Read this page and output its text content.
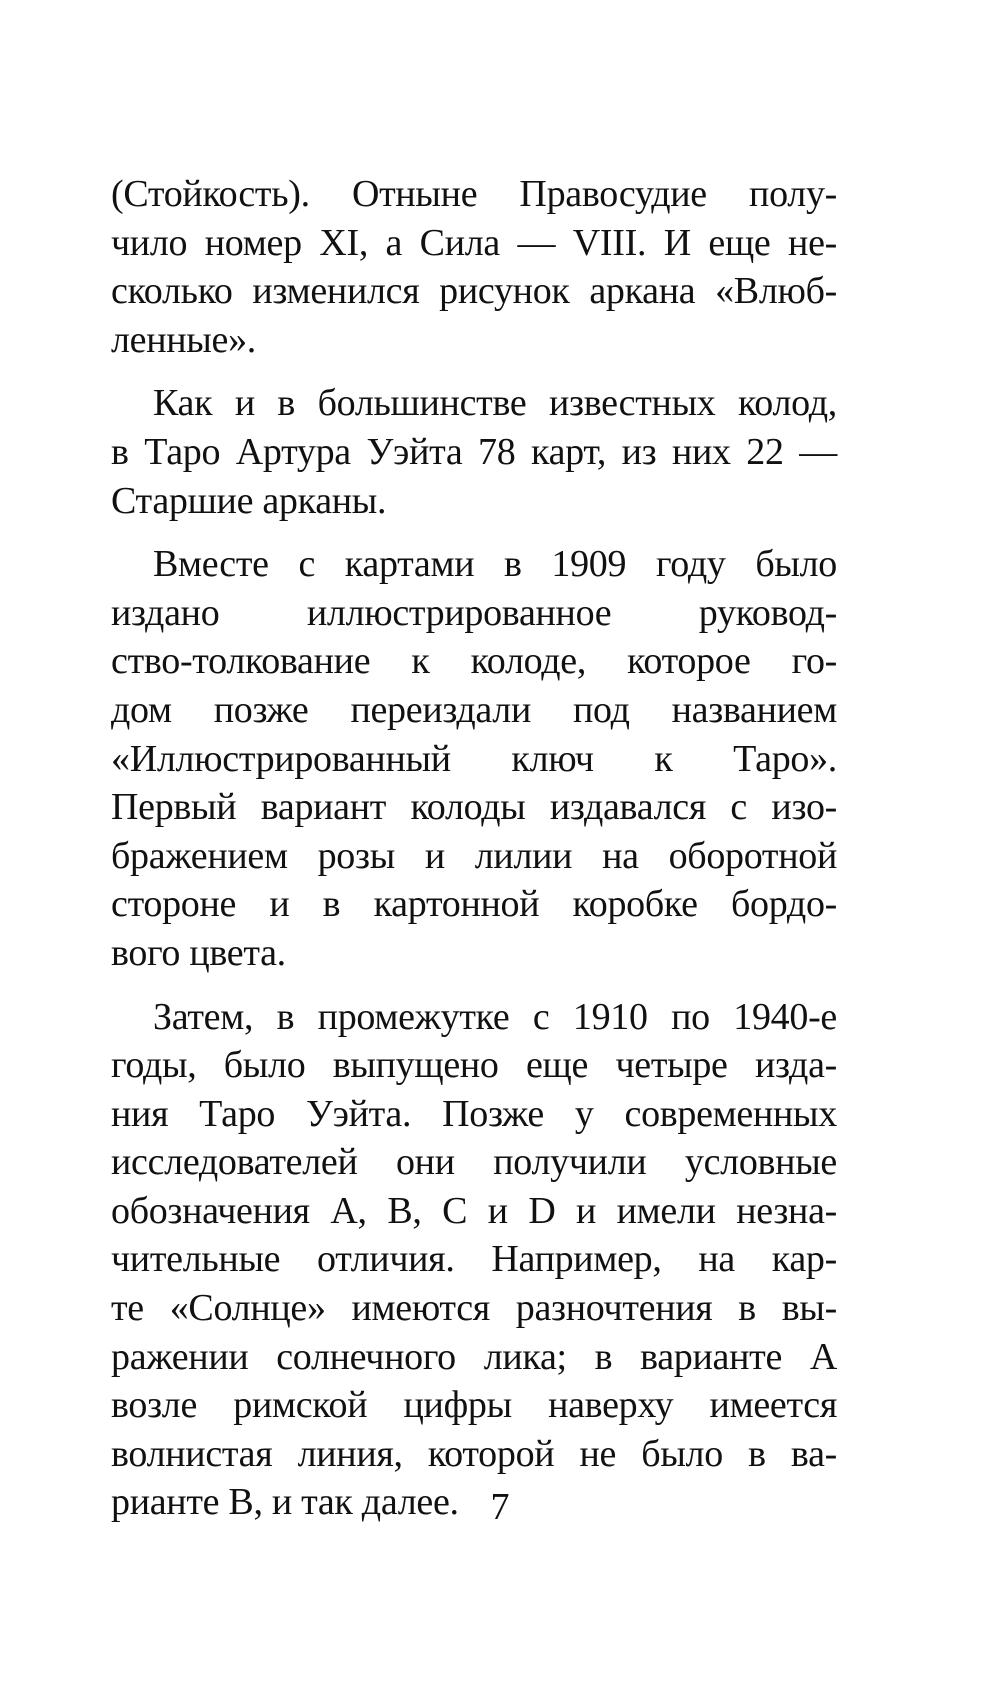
(Стойкость). Отныне Правосудие полу-
чило номер XI, а Сила — VIII. И еще не-
сколько изменился рисунок аркана «Влюб-
ленные».
Как и в большинстве известных колод,
в Таро Артура Уэйта 78 карт, из них 22 —
Старшие арканы.
Вместе с картами в 1909 году было
издано иллюстрированное руковод-
ство-толкование к колоде, которое го-
дом позже переиздали под названием
«Иллюстрированный ключ к Таро».
Первый вариант колоды издавался с изо-
бражением розы и лилии на оборотной
стороне и в картонной коробке бордо-
вого цвета.
Затем, в промежутке с 1910 по 1940-е
годы, было выпущено еще четыре изда-
ния Таро Уэйта. Позже у современных
исследователей они получили условные
обозначения A, B, C и D и имели незна-
чительные отличия. Например, на кар-
те «Солнце» имеются разночтения в вы-
ражении солнечного лика; в варианте А
возле римской цифры наверху имеется
волнистая линия, которой не было в ва-
рианте В, и так далее. 7
